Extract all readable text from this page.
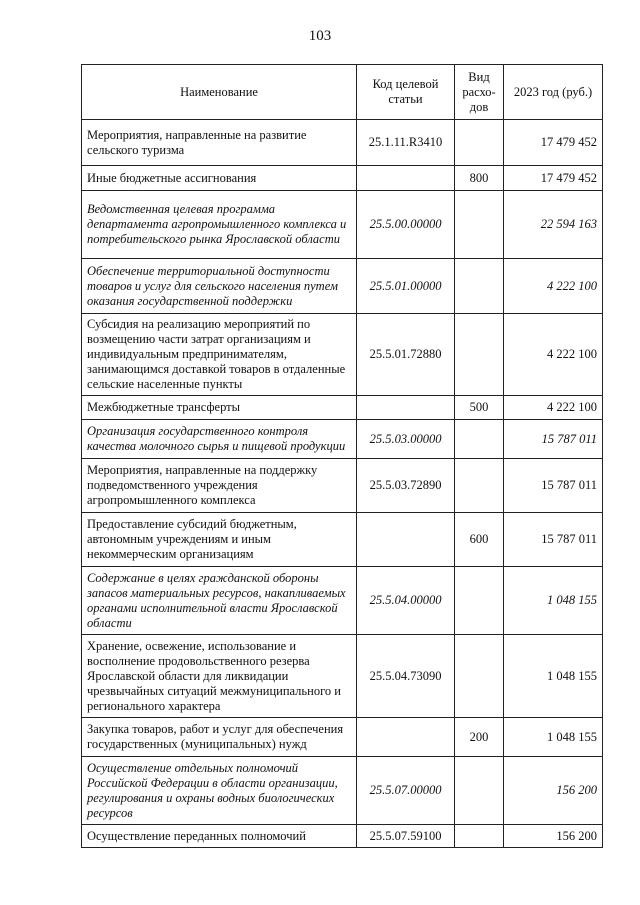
103
Наименование	Код целевой статьи	Вид расхо-дов	2023 год (руб.)
Мероприятия, направленные на развитие сельского туризма	25.1.11.R3410		17 479 452
Иные бюджетные ассигнования		800	17 479 452
Ведомственная целевая программа департамента агропромышленного комплекса и потребительского рынка Ярославской области	25.5.00.00000		22 594 163
Обеспечение территориальной доступности товаров и услуг для сельского населения путем оказания государственной поддержки	25.5.01.00000		4 222 100
Субсидия на реализацию мероприятий по возмещению части затрат организациям и индивидуальным предпринимателям, занимающимся доставкой товаров в отдаленные сельские населенные пункты	25.5.01.72880		4 222 100
Межбюджетные трансферты		500	4 222 100
Организация государственного контроля качества молочного сырья и пищевой продукции	25.5.03.00000		15 787 011
Мероприятия, направленные на поддержку подведомственного учреждения агропромышленного комплекса	25.5.03.72890		15 787 011
Предоставление субсидий бюджетным, автономным учреждениям и иным некоммерческим организациям		600	15 787 011
Содержание в целях гражданской обороны запасов материальных ресурсов, накапливаемых органами исполнительной власти Ярославской области	25.5.04.00000		1 048 155
Хранение, освежение, использование и восполнение продовольственного резерва Ярославской области для ликвидации чрезвычайных ситуаций межмуниципального и регионального характера	25.5.04.73090		1 048 155
Закупка товаров, работ и услуг для обеспечения государственных (муниципальных) нужд		200	1 048 155
Осуществление отдельных полномочий Российской Федерации в области организации, регулирования и охраны водных биологических ресурсов	25.5.07.00000		156 200
Осуществление переданных полномочий	25.5.07.59100		156 200
